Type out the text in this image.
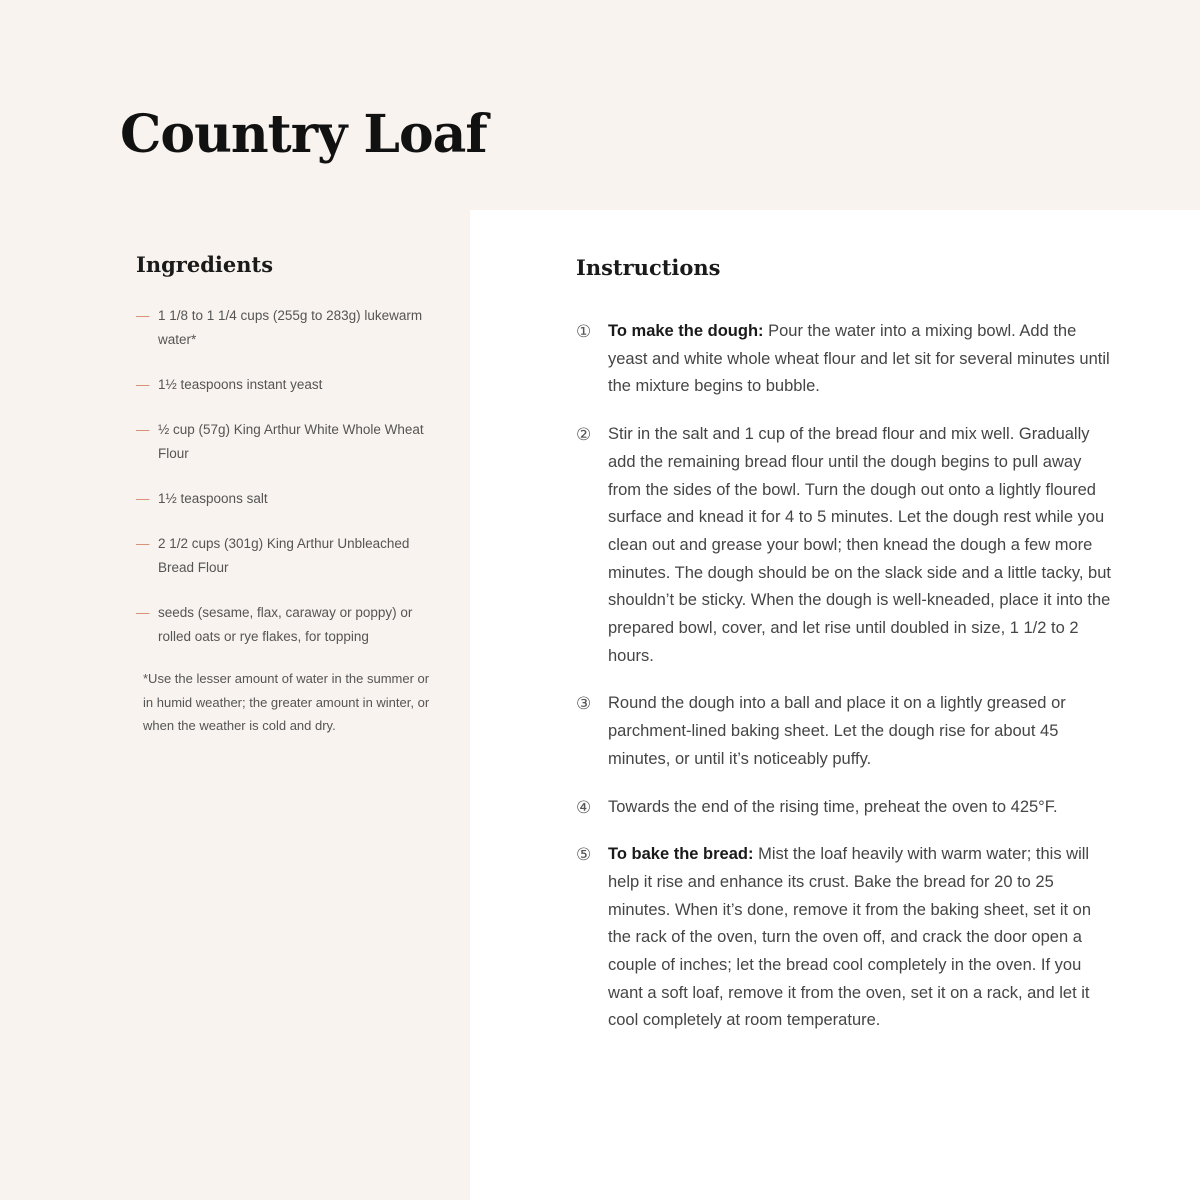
Country Loaf
Ingredients
— 1 1/8 to 1 1/4 cups (255g to 283g) lukewarm water*
— 1½ teaspoons instant yeast
— ½ cup (57g) King Arthur White Whole Wheat Flour
— 1½ teaspoons salt
— 2 1/2 cups (301g) King Arthur Unbleached Bread Flour
— seeds (sesame, flax, caraway or poppy) or rolled oats or rye flakes, for topping

*Use the lesser amount of water in the summer or in humid weather; the greater amount in winter, or when the weather is cold and dry.

Instructions
① To make the dough: Pour the water into a mixing bowl. Add the yeast and white whole wheat flour and let sit for several minutes until the mixture begins to bubble.
② Stir in the salt and 1 cup of the bread flour and mix well. Gradually add the remaining bread flour until the dough begins to pull away from the sides of the bowl. Turn the dough out onto a lightly floured surface and knead it for 4 to 5 minutes. Let the dough rest while you clean out and grease your bowl; then knead the dough a few more minutes. The dough should be on the slack side and a little tacky, but shouldn’t be sticky. When the dough is well-kneaded, place it into the prepared bowl, cover, and let rise until doubled in size, 1 1/2 to 2 hours.
③ Round the dough into a ball and place it on a lightly greased or parchment-lined baking sheet. Let the dough rise for about 45 minutes, or until it’s noticeably puffy.
④ Towards the end of the rising time, preheat the oven to 425°F.
⑤ To bake the bread: Mist the loaf heavily with warm water; this will help it rise and enhance its crust. Bake the bread for 20 to 25 minutes. When it’s done, remove it from the baking sheet, set it on the rack of the oven, turn the oven off, and crack the door open a couple of inches; let the bread cool completely in the oven. If you want a soft loaf, remove it from the oven, set it on a rack, and let it cool completely at room temperature.
